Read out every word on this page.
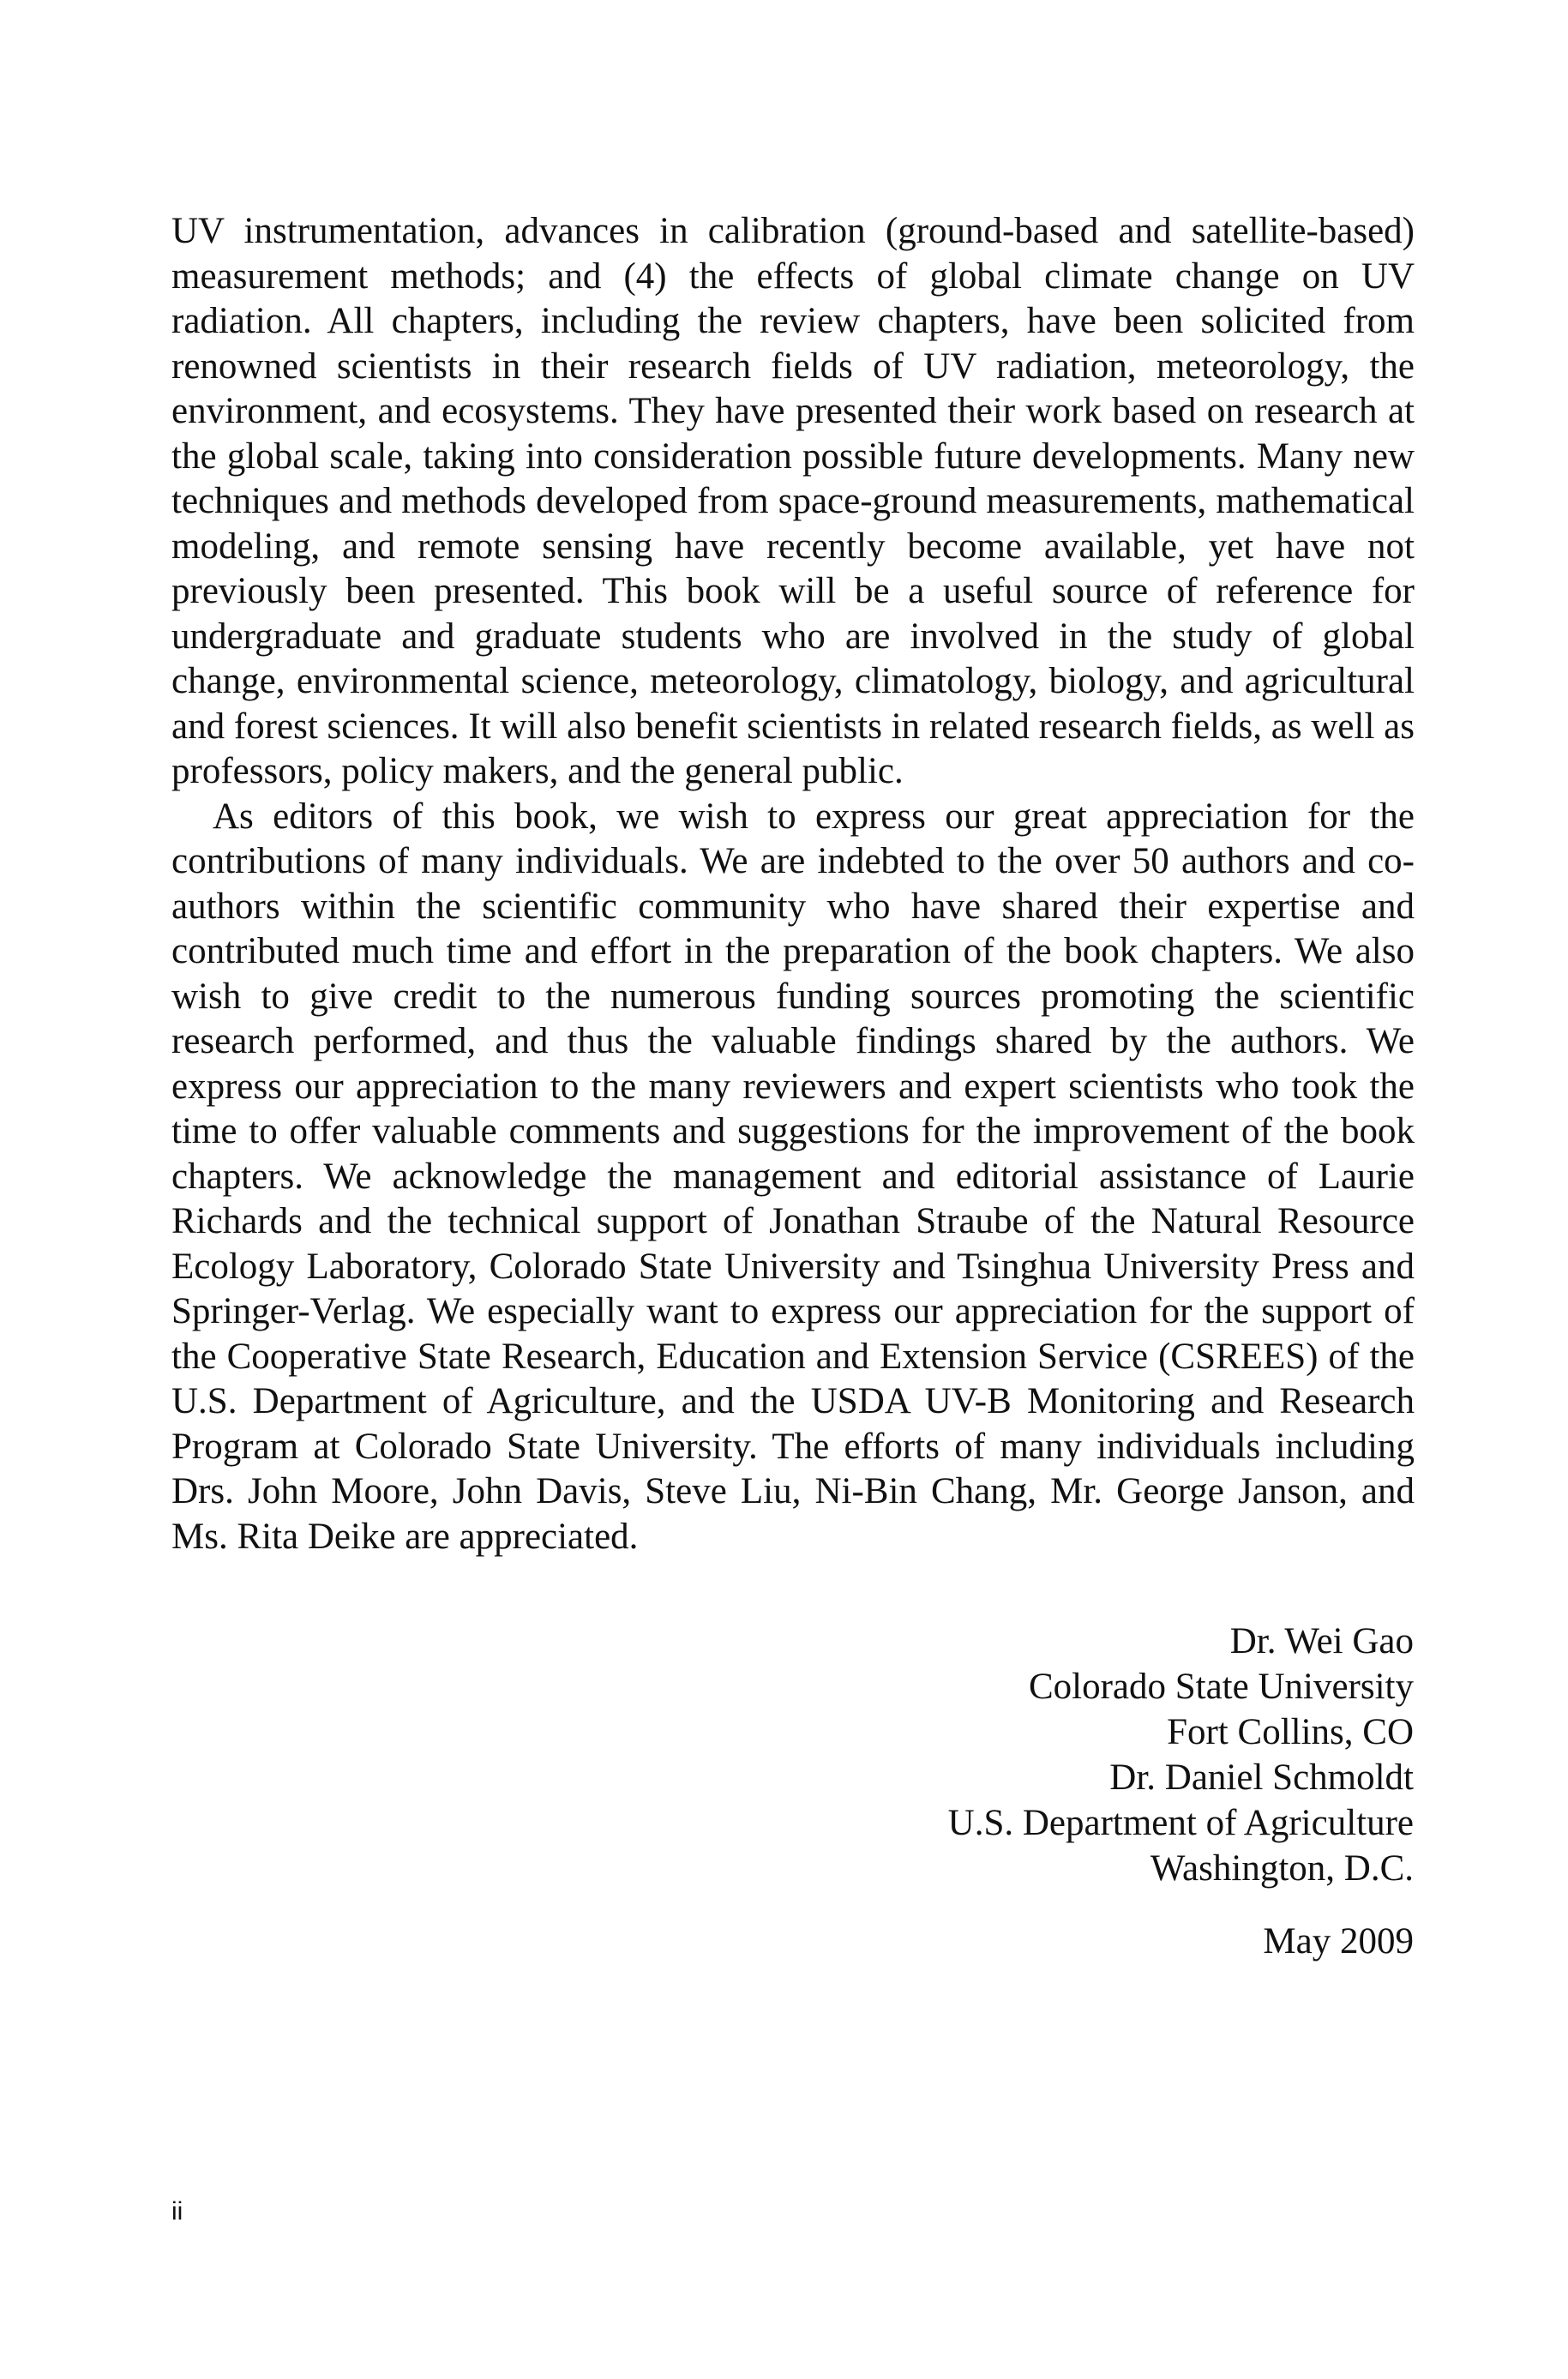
UV instrumentation, advances in calibration (ground-based and satellite-based) measurement methods; and (4) the effects of global climate change on UV radiation. All chapters, including the review chapters, have been solicited from renowned scientists in their research fields of UV radiation, meteorology, the environment, and ecosystems. They have presented their work based on research at the global scale, taking into consideration possible future developments. Many new techniques and methods developed from space-ground measurements, mathematical modeling, and remote sensing have recently become available, yet have not previously been presented. This book will be a useful source of reference for undergraduate and graduate students who are involved in the study of global change, environmental science, meteorology, climatology, biology, and agricultural and forest sciences. It will also benefit scientists in related research fields, as well as professors, policy makers, and the general public.

As editors of this book, we wish to express our great appreciation for the contributions of many individuals. We are indebted to the over 50 authors and co-authors within the scientific community who have shared their expertise and contributed much time and effort in the preparation of the book chapters. We also wish to give credit to the numerous funding sources promoting the scientific research performed, and thus the valuable findings shared by the authors. We express our appreciation to the many reviewers and expert scientists who took the time to offer valuable comments and suggestions for the improvement of the book chapters. We acknowledge the management and editorial assistance of Laurie Richards and the technical support of Jonathan Straube of the Natural Resource Ecology Laboratory, Colorado State University and Tsinghua University Press and Springer-Verlag. We especially want to express our appreciation for the support of the Cooperative State Research, Education and Extension Service (CSREES) of the U.S. Department of Agriculture, and the USDA UV-B Monitoring and Research Program at Colorado State University. The efforts of many individuals including Drs. John Moore, John Davis, Steve Liu, Ni-Bin Chang, Mr. George Janson, and Ms. Rita Deike are appreciated.

Dr. Wei Gao
Colorado State University
Fort Collins, CO
Dr. Daniel Schmoldt
U.S. Department of Agriculture
Washington, D.C.
May 2009
ii
